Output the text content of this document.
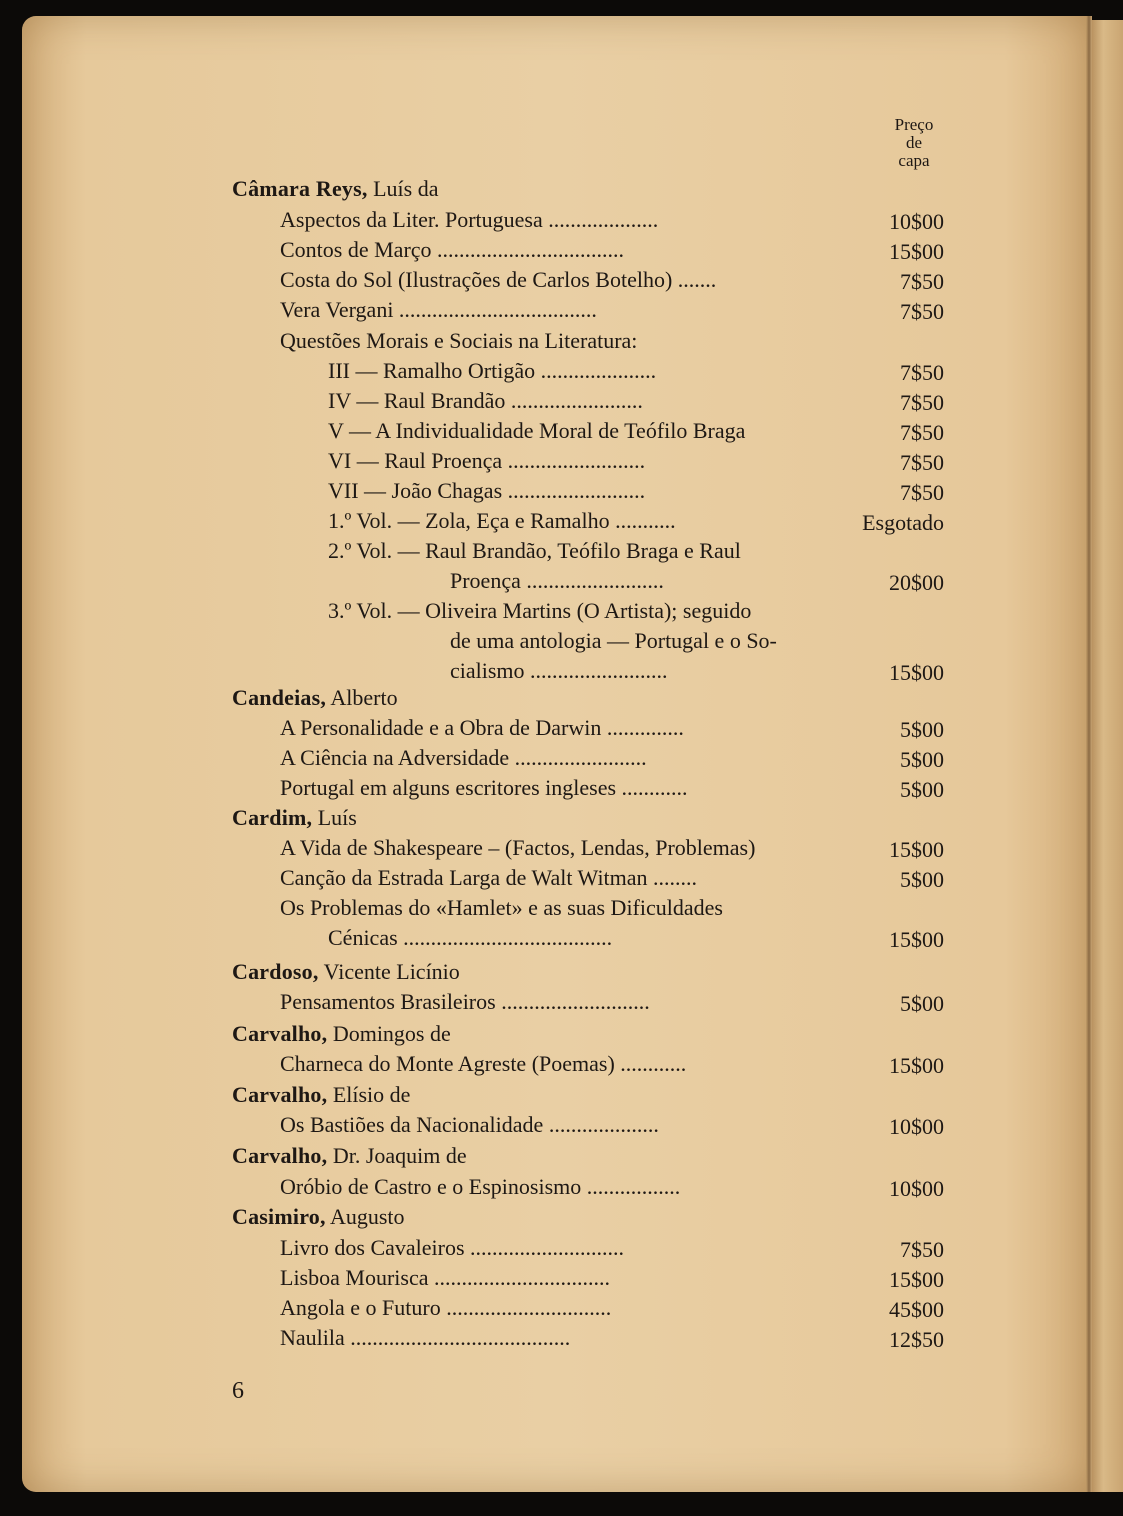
Preço
de
capa
Câmara Reys, Luís da
Aspectos da Liter. Portuguesa ....................	10$00
Contos de Março ..................................	15$00
Costa do Sol (Ilustrações de Carlos Botelho) .......	7$50
Vera Vergani ....................................	7$50
Questões Morais e Sociais na Literatura:
III — Ramalho Ortigão .....................	7$50
IV — Raul Brandão ........................	7$50
V — A Individualidade Moral de Teófilo Braga	7$50
VI — Raul Proença .........................	7$50
VII — João Chagas .........................	7$50
1.º Vol. — Zola, Eça e Ramalho ...........	Esgotado
2.º Vol. — Raul Brandão, Teófilo Braga e Raul
Proença .........................	20$00
3.º Vol. — Oliveira Martins (O Artista); seguido
de uma antologia — Portugal e o So-
cialismo .........................	15$00
Candeias, Alberto
A Personalidade e a Obra de Darwin ..............	5$00
A Ciência na Adversidade ........................	5$00
Portugal em alguns escritores ingleses ............	5$00
Cardim, Luís
A Vida de Shakespeare – (Factos, Lendas, Problemas)	15$00
Canção da Estrada Larga de Walt Witman ........	5$00
Os Problemas do «Hamlet» e as suas Dificuldades
Cénicas ......................................	15$00
Cardoso, Vicente Licínio
Pensamentos Brasileiros ...........................	5$00
Carvalho, Domingos de
Charneca do Monte Agreste (Poemas) ............	15$00
Carvalho, Elísio de
Os Bastiões da Nacionalidade ....................	10$00
Carvalho, Dr. Joaquim de
Oróbio de Castro e o Espinosismo .................	10$00
Casimiro, Augusto
Livro dos Cavaleiros ............................	7$50
Lisboa Mourisca ................................	15$00
Angola e o Futuro ..............................	45$00
Naulila ........................................	12$50
6
